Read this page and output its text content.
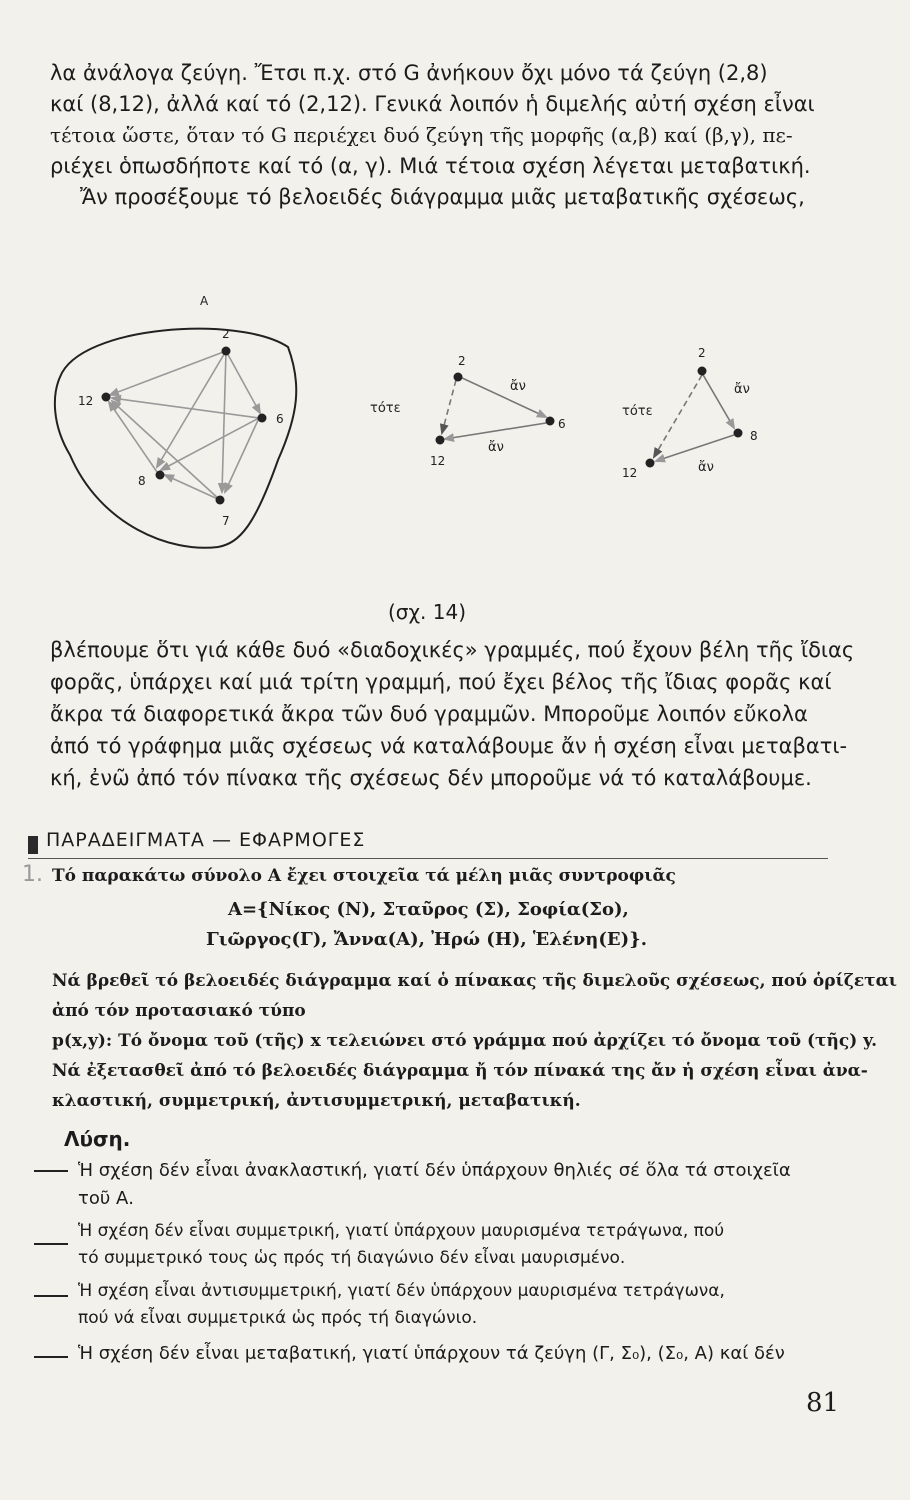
λα ἀνάλογα ζεύγη. Ἔτσι π.χ. στό G ἀνήκουν ὄχι μόνο τά ζεύγη (2,8)
καί (8,12), ἀλλά καί τό (2,12). Γενικά λοιπόν ἡ διμελής αὐτή σχέση εἶναι
τέτοια ὥστε, ὅταν τό G περιέχει δυό ζεύγη τῆς μορφῆς (α,β) καί (β,γ), πε-
ριέχει ὁπωσδήποτε καί τό (α, γ). Μιά τέτοια σχέση λέγεται μεταβατική.
Ἄν προσέξουμε τό βελοειδές διάγραμμα μιᾶς μεταβατικῆς σχέσεως,
A
2
12
6
8
7
τότε
2
12
6
ἄν
ἄν
τότε
2
12
8
ἄν
ἄν
(σχ. 14)
βλέπουμε ὅτι γιά κάθε δυό «διαδοχικές» γραμμές, πού ἔχουν βέλη τῆς ἴδιας
φορᾶς, ὑπάρχει καί μιά τρίτη γραμμή, πού ἔχει βέλος τῆς ἴδιας φορᾶς καί
ἄκρα τά διαφορετικά ἄκρα τῶν δυό γραμμῶν. Μποροῦμε λοιπόν εὔκολα
ἀπό τό γράφημα μιᾶς σχέσεως νά καταλάβουμε ἄν ἡ σχέση εἶναι μεταβατι-
κή, ἐνῶ ἀπό τόν πίνακα τῆς σχέσεως δέν μποροῦμε νά τό καταλάβουμε.
ΠΑΡΑΔΕΙΓΜΑΤΑ — ΕΦΑΡΜΟΓΕΣ
1. Τό παρακάτω σύνολο Α ἔχει στοιχεῖα τά μέλη μιᾶς συντροφιᾶς
A={Νίκος (Ν), Σταῦρος (Σ), Σοφία(Σο),
Γιῶργος(Γ), Ἄννα(Α), Ἠρώ (Η), Ἑλένη(Ε)}.
Νά βρεθεῖ τό βελοειδές διάγραμμα καί ὁ πίνακας τῆς διμελοῦς σχέσεως, πού ὁρίζεται
ἀπό τόν προτασιακό τύπο
p(x,y): Τό ὄνομα τοῦ (τῆς) x τελειώνει στό γράμμα πού ἀρχίζει τό ὄνομα τοῦ (τῆς) y.
Νά ἐξετασθεῖ ἀπό τό βελοειδές διάγραμμα ἤ τόν πίνακά της ἄν ἡ σχέση εἶναι ἀνα-
κλαστική, συμμετρική, ἀντισυμμετρική, μεταβατική.
Λύση.
Ἡ σχέση δέν εἶναι ἀνακλαστική, γιατί δέν ὑπάρχουν θηλιές σέ ὅλα τά στοιχεῖα
τοῦ Α.
Ἡ σχέση δέν εἶναι συμμετρική, γιατί ὑπάρχουν μαυρισμένα τετράγωνα, πού
τό συμμετρικό τους ὡς πρός τή διαγώνιο δέν εἶναι μαυρισμένο.
Ἡ σχέση εἶναι ἀντισυμμετρική, γιατί δέν ὑπάρχουν μαυρισμένα τετράγωνα,
πού νά εἶναι συμμετρικά ὡς πρός τή διαγώνιο.
Ἡ σχέση δέν εἶναι μεταβατική, γιατί ὑπάρχουν τά ζεύγη (Γ, Σ₀), (Σ₀, Α) καί δέν
81
